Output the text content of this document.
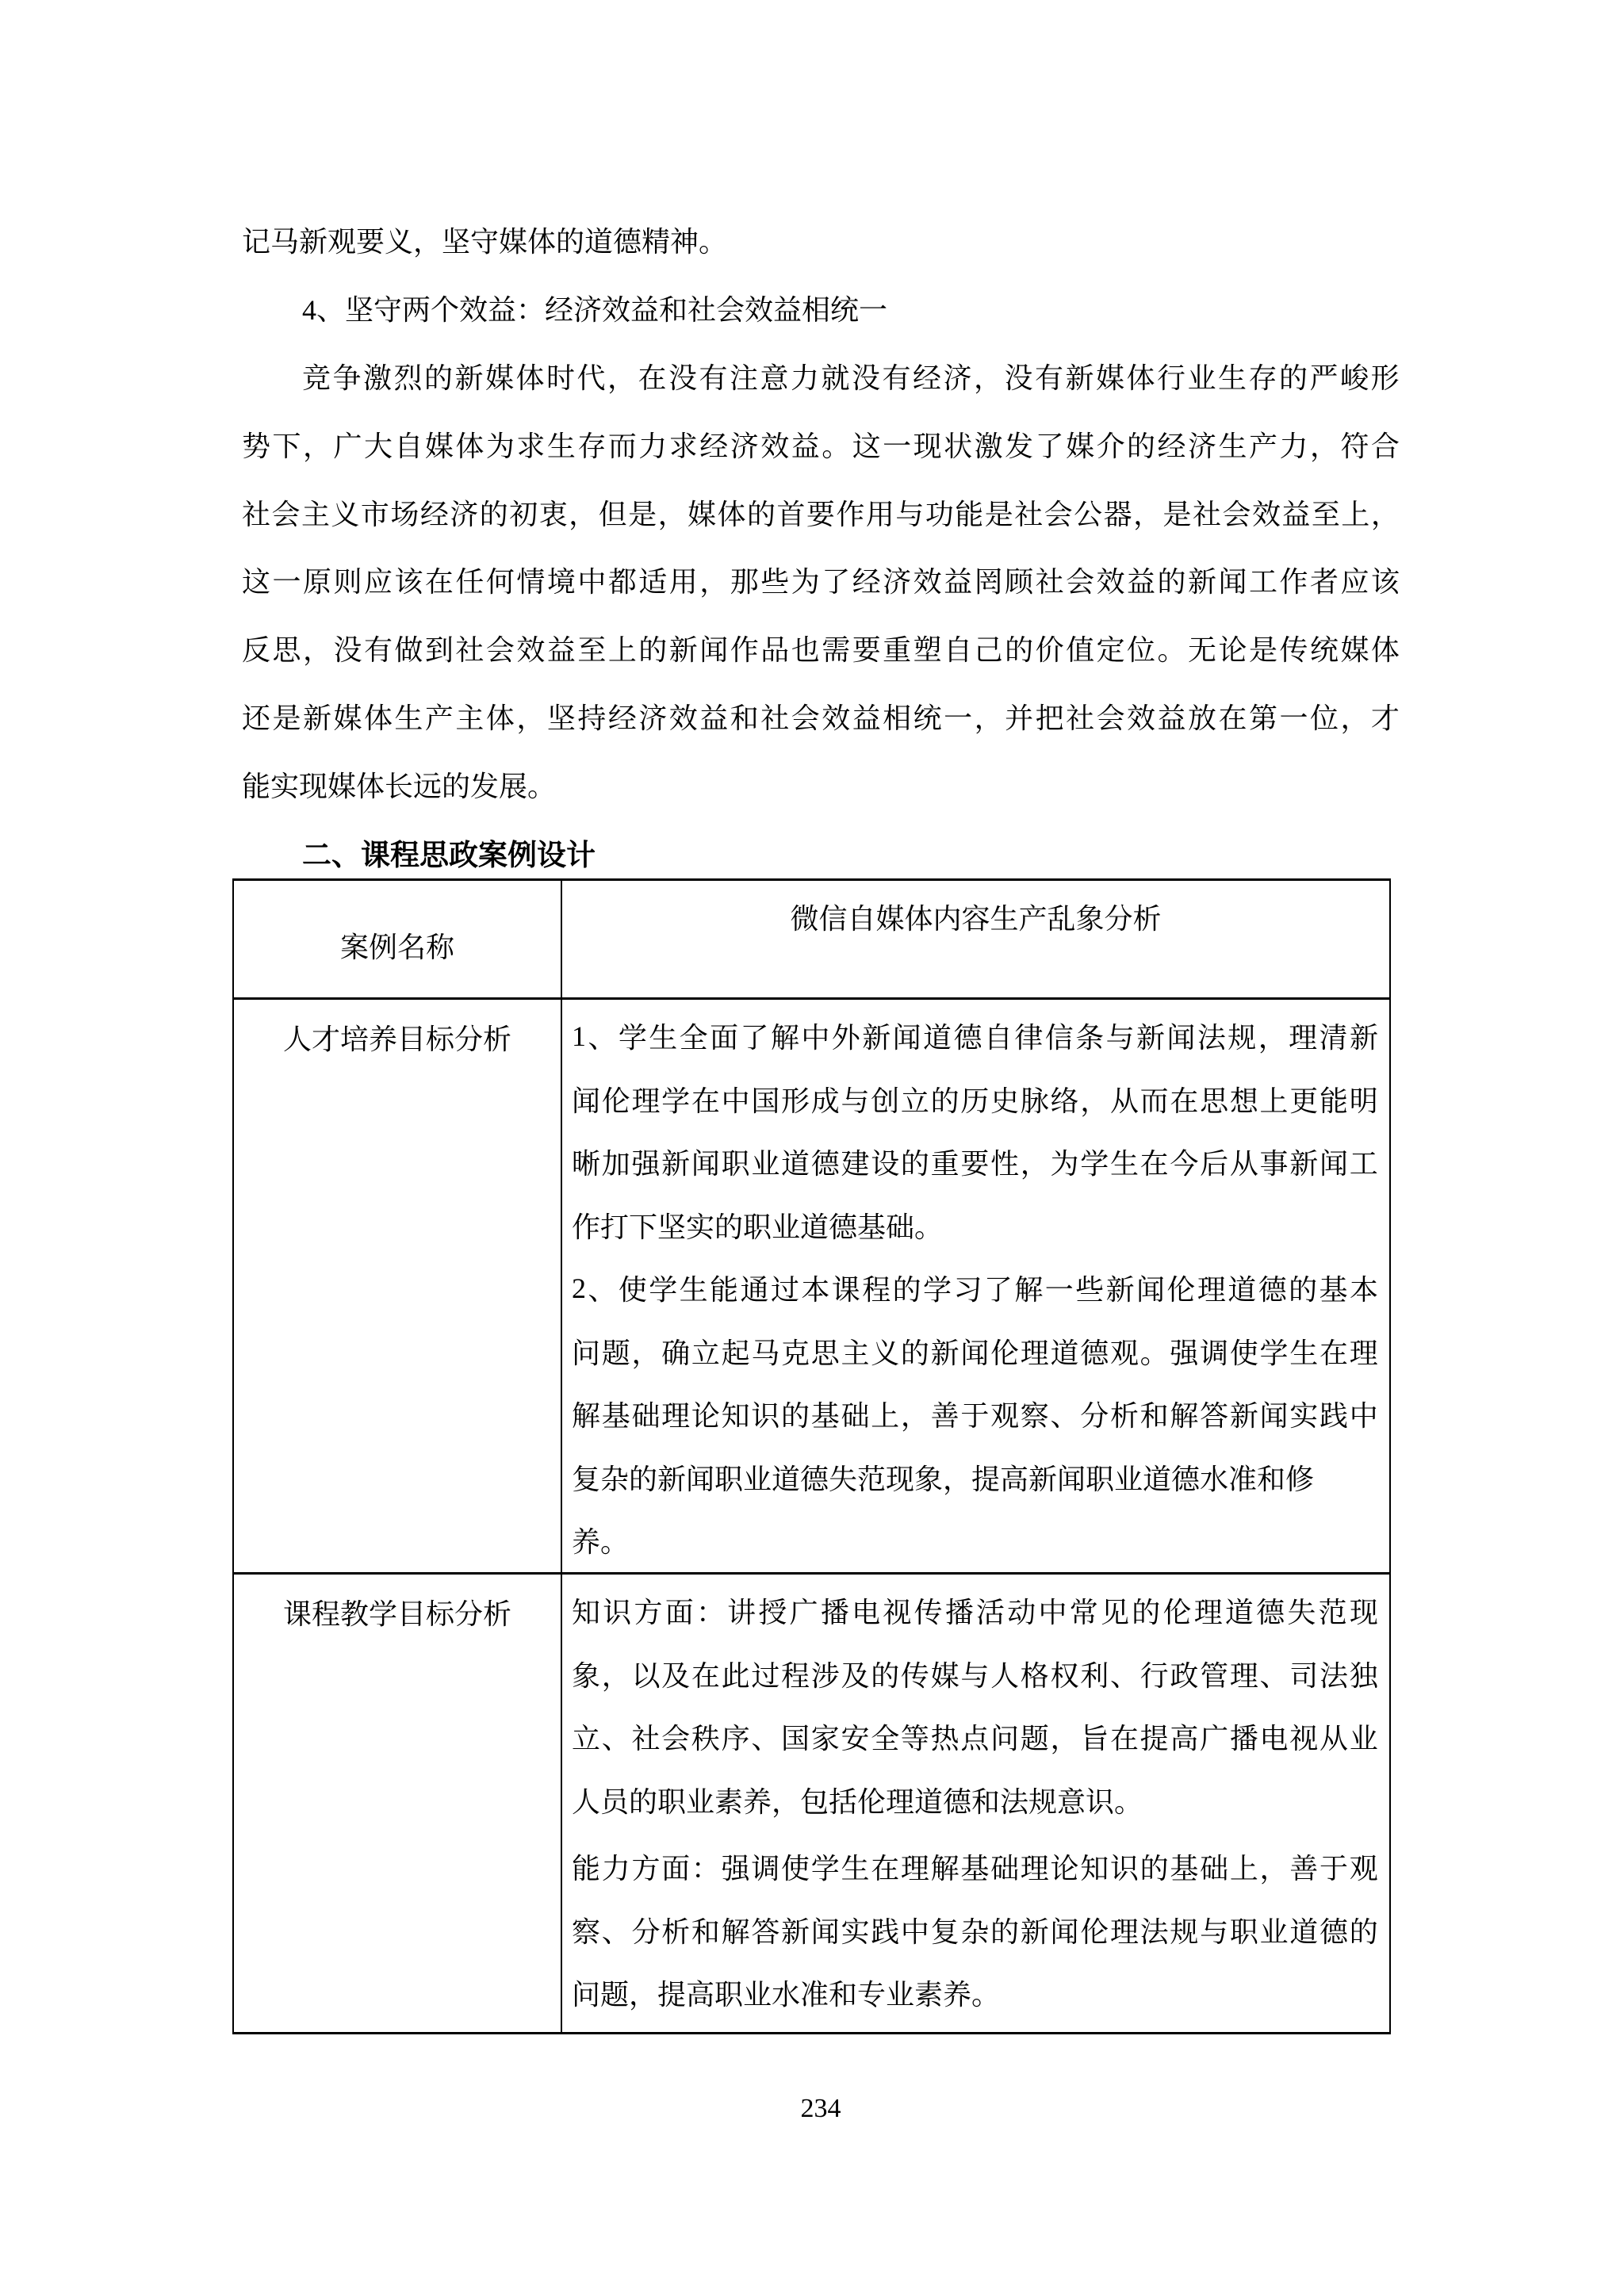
记马新观要义，坚守媒体的道德精神。
4、坚守两个效益：经济效益和社会效益相统一
竞 争 激 烈 的 新 媒 体 时 代 ， 在 没 有 注 意 力 就 没 有 经 济 ， 没 有 新 媒 体 行 业 生 存 的 严 峻 形
势 下 ， 广 大 自 媒 体 为 求 生 存 而 力 求 经 济 效 益 。 这 一 现 状 激 发 了 媒 介 的 经 济 生 产 力 ， 符 合
社 会 主 义 市 场 经 济 的 初 衷 ， 但 是 ， 媒 体 的 首 要 作 用 与 功 能 是 社 会 公 器 ， 是 社 会 效 益 至 上 ，
这 一 原 则 应 该 在 任 何 情 境 中 都 适 用 ， 那 些 为 了 经 济 效 益 罔 顾 社 会 效 益 的 新 闻 工 作 者 应 该
反 思 ， 没 有 做 到 社 会 效 益 至 上 的 新 闻 作 品 也 需 要 重 塑 自 己 的 价 值 定 位 。 无 论 是 传 统 媒 体
还 是 新 媒 体 生 产 主 体 ， 坚 持 经 济 效 益 和 社 会 效 益 相 统 一 ， 并 把 社 会 效 益 放 在 第 一 位 ， 才
能实现媒体长远的发展。
二、课程思政案例设计
案例名称
微信自媒体内容生产乱象分析
人才培养目标分析 1 、 学 生 全 面 了 解 中 外 新 闻 道 德 自 律 信 条 与 新 闻 法 规 ， 理 清 新
闻 伦 理 学 在 中 国 形 成 与 创 立 的 历 史 脉 络 ， 从 而 在 思 想 上 更 能 明
晰 加 强 新 闻 职 业 道 德 建 设 的 重 要 性 ， 为 学 生 在 今 后 从 事 新 闻 工
作打下坚实的职业道德基础。
2 、 使 学 生 能 通 过 本 课 程 的 学 习 了 解 一 些 新 闻 伦 理 道 德 的 基 本
问 题 ， 确 立 起 马 克 思 主 义 的 新 闻 伦 理 道 德 观 。 强 调 使 学 生 在 理
解 基 础 理 论 知 识 的 基 础 上 ， 善 于 观 察 、 分 析 和 解 答 新 闻 实 践 中
复杂的新闻职业道德失范现象，提高新闻职业道德水准和修
养。
课程教学目标分析 知 识 方 面 ： 讲 授 广 播 电 视 传 播 活 动 中 常 见 的 伦 理 道 德 失 范 现
象 ， 以 及 在 此 过 程 涉 及 的 传 媒 与 人 格 权 利 、 行 政 管 理 、 司 法 独
立 、 社 会 秩 序 、 国 家 安 全 等 热 点 问 题 ， 旨 在 提 高 广 播 电 视 从 业
人员的职业素养，包括伦理道德和法规意识。
能 力 方 面 ： 强 调 使 学 生 在 理 解 基 础 理 论 知 识 的 基 础 上 ， 善 于 观
察 、 分 析 和 解 答 新 闻 实 践 中 复 杂 的 新 闻 伦 理 法 规 与 职 业 道 德 的
问题，提高职业水准和专业素养。
234
